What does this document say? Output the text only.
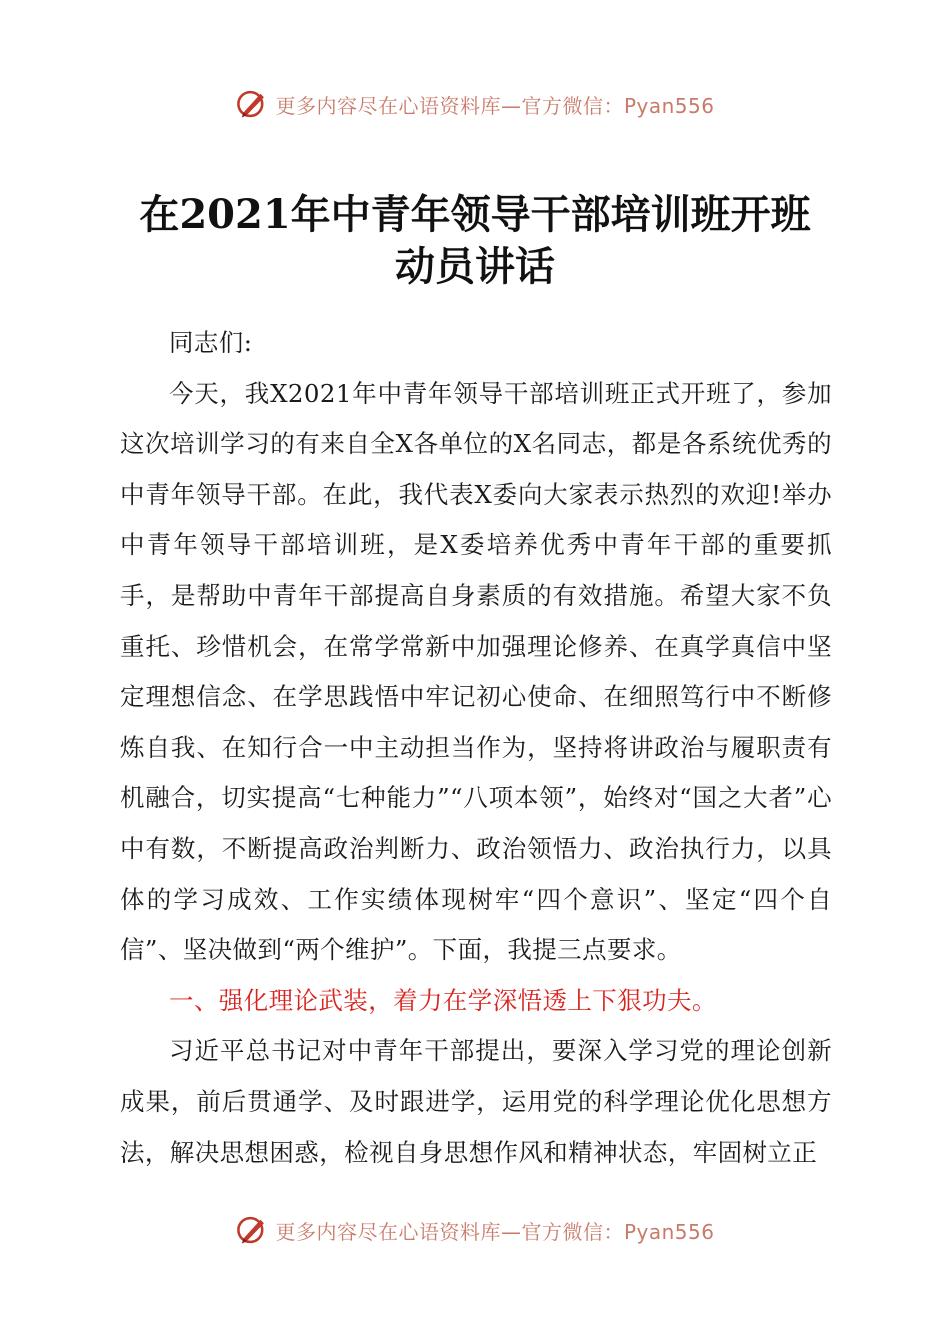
更多内容尽在心语资料库—官方微信：Pyan556
在2021年中青年领导干部培训班开班动员讲话

同志们:

今天，我X2021年中青年领导干部培训班正式开班了，参加这次培训学习的有来自全X各单位的X名同志，都是各系统优秀的中青年领导干部。在此，我代表X委向大家表示热烈的欢迎!举办中青年领导干部培训班，是X委培养优秀中青年干部的重要抓手，是帮助中青年干部提高自身素质的有效措施。希望大家不负重托、珍惜机会，在常学常新中加强理论修养、在真学真信中坚定理想信念、在学思践悟中牢记初心使命、在细照笃行中不断修炼自我、在知行合一中主动担当作为，坚持将讲政治与履职责有机融合，切实提高“七种能力”“八项本领”，始终对“国之大者”心中有数，不断提高政治判断力、政治领悟力、政治执行力，以具体的学习成效、工作实绩体现树牢“四个意识”、坚定“四个自信”、坚决做到“两个维护”。下面，我提三点要求。

一、强化理论武装，着力在学深悟透上下狠功夫。

习近平总书记对中青年干部提出，要深入学习党的理论创新成果，前后贯通学、及时跟进学，运用党的科学理论优化思想方法，解决思想困惑，检视自身思想作风和精神状态，牢固树立正

更多内容尽在心语资料库—官方微信：Pyan556
